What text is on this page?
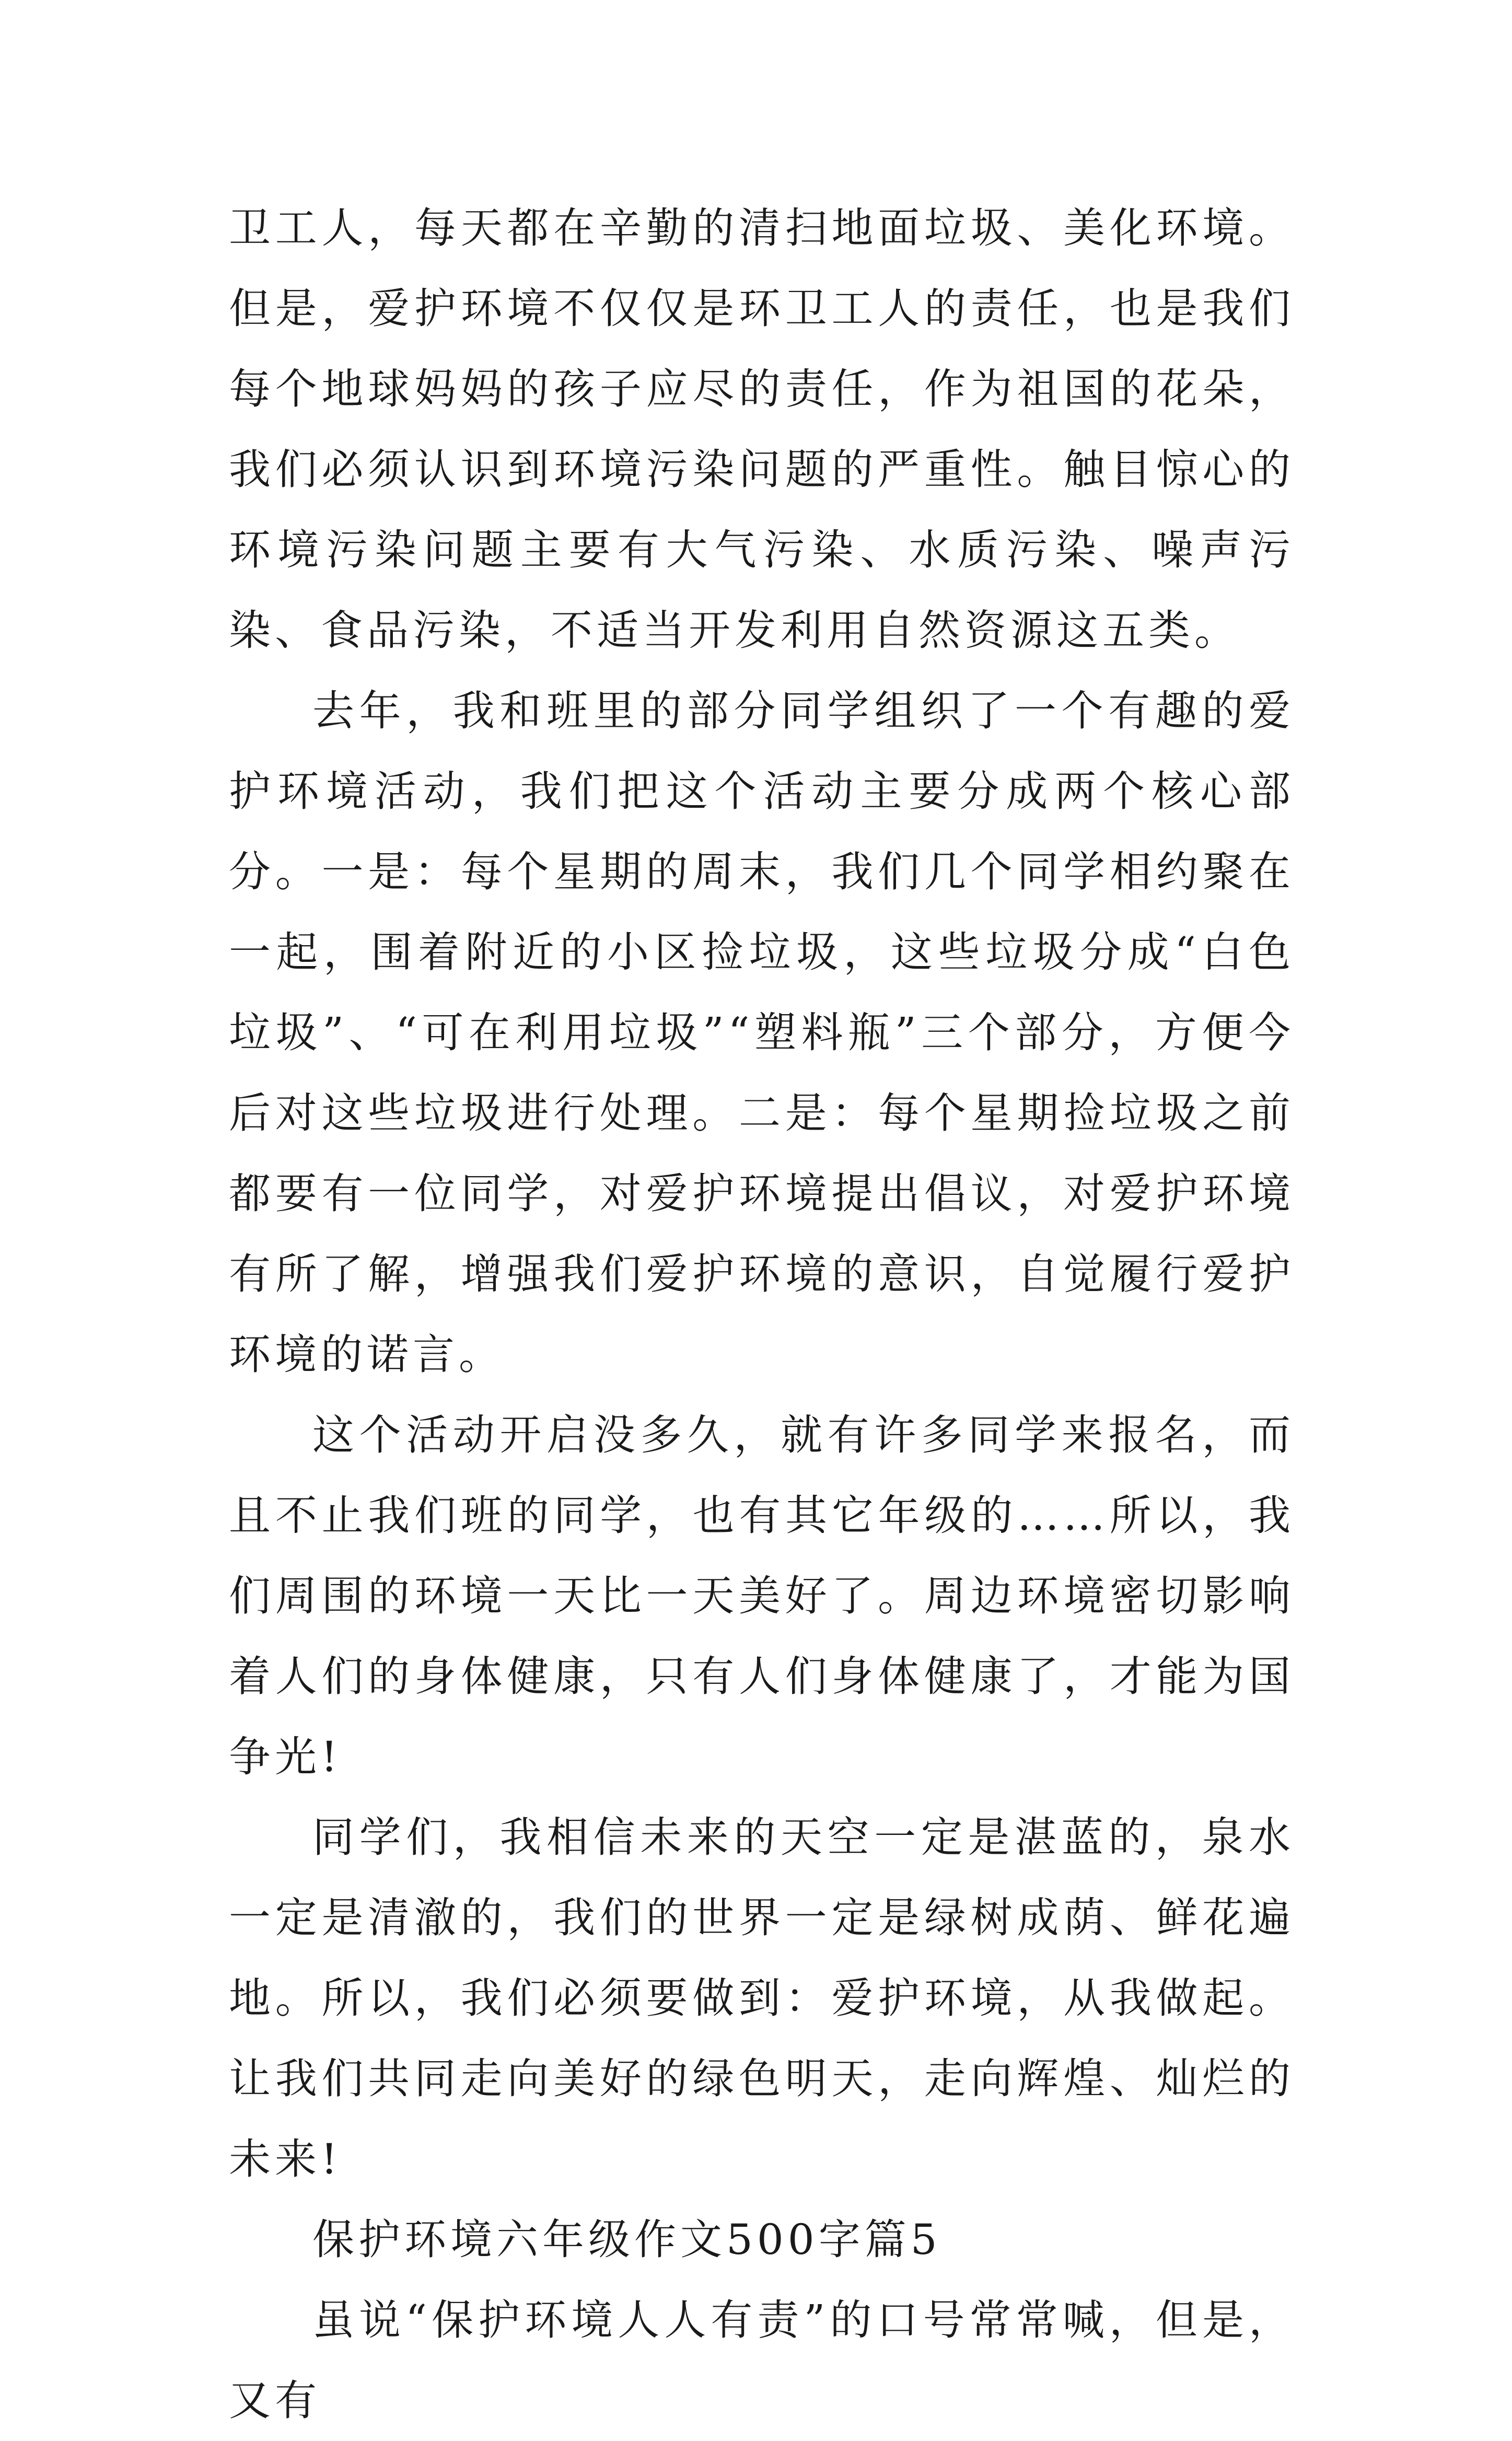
卫工人，每天都在辛勤的清扫地面垃圾、美化环境。但是，爱护环境不仅仅是环卫工人的责任，也是我们每个地球妈妈的孩子应尽的责任，作为祖国的花朵，我们必须认识到环境污染问题的严重性。触目惊心的环境污染问题主要有大气污染、水质污染、噪声污染、食品污染，不适当开发利用自然资源这五类。

去年，我和班里的部分同学组织了一个有趣的爱护环境活动，我们把这个活动主要分成两个核心部分。一是：每个星期的周末，我们几个同学相约聚在一起，围着附近的小区捡垃圾，这些垃圾分成“白色垃圾”、“可在利用垃圾”“塑料瓶”三个部分，方便今后对这些垃圾进行处理。二是：每个星期捡垃圾之前都要有一位同学，对爱护环境提出倡议，对爱护环境有所了解，增强我们爱护环境的意识，自觉履行爱护环境的诺言。

这个活动开启没多久，就有许多同学来报名，而且不止我们班的同学，也有其它年级的……所以，我们周围的环境一天比一天美好了。周边环境密切影响着人们的身体健康，只有人们身体健康了，才能为国争光!

同学们，我相信未来的天空一定是湛蓝的，泉水一定是清澈的，我们的世界一定是绿树成荫、鲜花遍地。所以，我们必须要做到：爱护环境，从我做起。让我们共同走向美好的绿色明天，走向辉煌、灿烂的未来!

保护环境六年级作文500字篇5

虽说“保护环境人人有责”的口号常常喊，但是，又有
